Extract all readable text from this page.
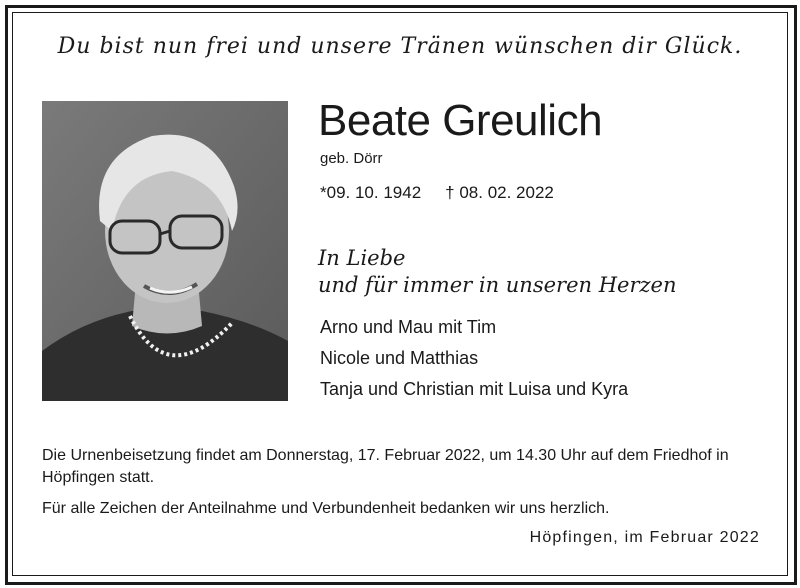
Du bist nun frei und unsere Tränen wünschen dir Glück.
Beate Greulich
geb. Dörr
*09. 10. 1942 † 08. 02. 2022
In Liebe
und für immer in unseren Herzen
Arno und Mau mit Tim
Nicole und Matthias
Tanja und Christian mit Luisa und Kyra
Die Urnenbeisetzung findet am Donnerstag, 17. Februar 2022, um 14.30 Uhr auf dem Friedhof in Höpfingen statt.
Für alle Zeichen der Anteilnahme und Verbundenheit bedanken wir uns herzlich.
Höpfingen, im Februar 2022
